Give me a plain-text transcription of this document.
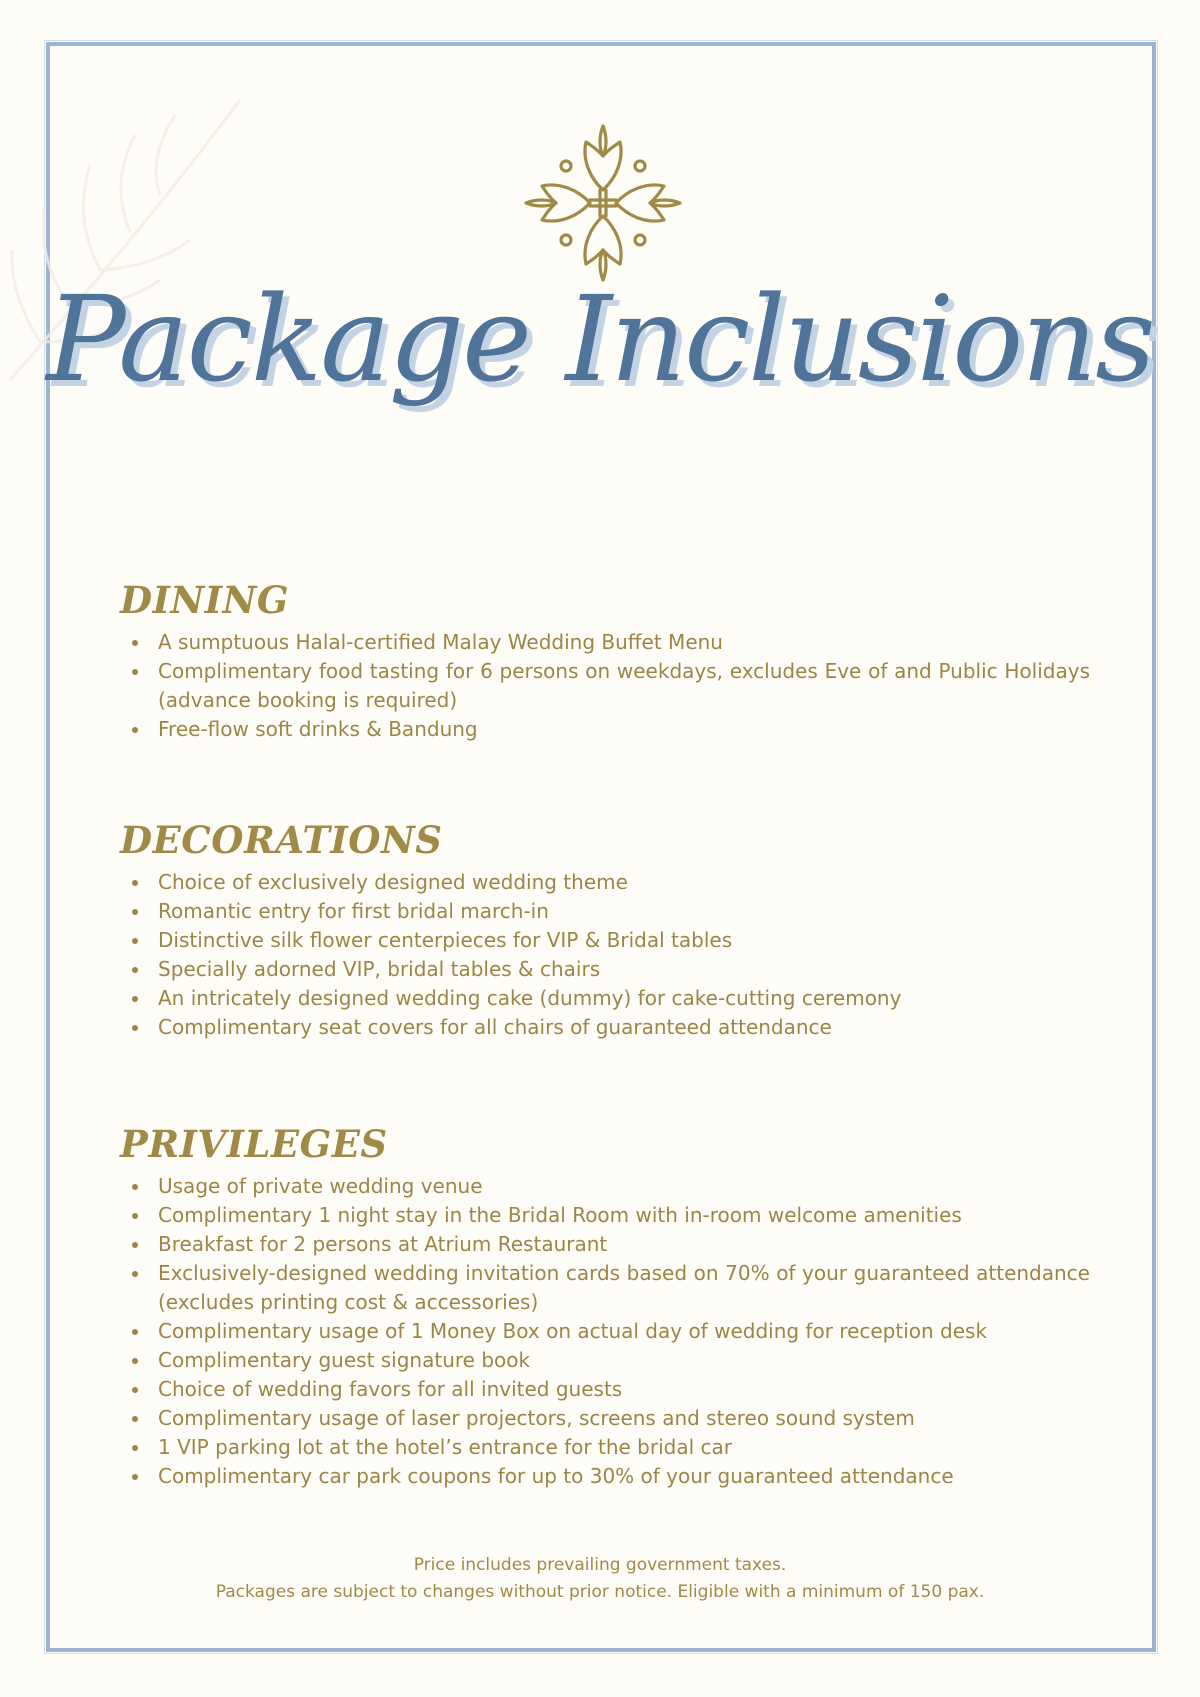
Package Inclusions
DINING
A sumptuous Halal-certified Malay Wedding Buffet Menu
Complimentary food tasting for 6 persons on weekdays, excludes Eve of and Public Holidays (advance booking is required)
Free-flow soft drinks & Bandung
DECORATIONS
Choice of exclusively designed wedding theme
Romantic entry for first bridal march-in
Distinctive silk flower centerpieces for VIP & Bridal tables
Specially adorned VIP, bridal tables & chairs
An intricately designed wedding cake (dummy) for cake-cutting ceremony
Complimentary seat covers for all chairs of guaranteed attendance
PRIVILEGES
Usage of private wedding venue
Complimentary 1 night stay in the Bridal Room with in-room welcome amenities
Breakfast for 2 persons at Atrium Restaurant
Exclusively-designed wedding invitation cards based on 70% of your guaranteed attendance (excludes printing cost & accessories)
Complimentary usage of 1 Money Box on actual day of wedding for reception desk
Complimentary guest signature book
Choice of wedding favors for all invited guests
Complimentary usage of laser projectors, screens and stereo sound system
1 VIP parking lot at the hotel’s entrance for the bridal car
Complimentary car park coupons for up to 30% of your guaranteed attendance
Price includes prevailing government taxes.
Packages are subject to changes without prior notice. Eligible with a minimum of 150 pax.
